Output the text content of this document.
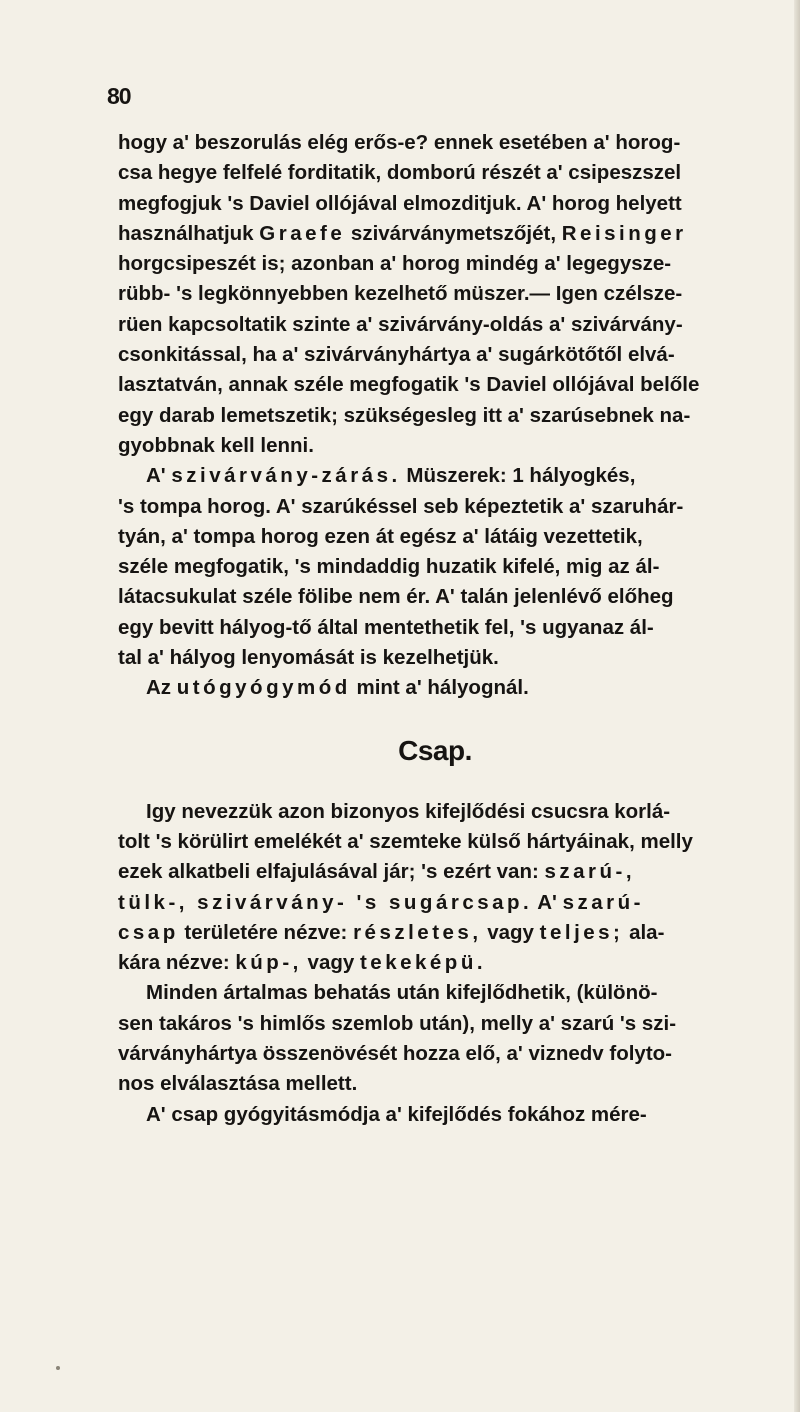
80
hogy a' beszorulás elég erős-e? ennek esetében a' horog-
csa hegye felfelé forditatik, domború részét a' csipeszszel
megfogjuk 's Daviel ollójával elmozditjuk. A' horog helyett
használhatjuk Graefe szivárványmetszőjét, Reisinger
horgcsipeszét is; azonban a' horog mindég a' legegysze-
rübb- 's legkönnyebben kezelhető müszer.— Igen czélsze-
rüen kapcsoltatik szinte a' szivárvány-oldás a' szivárvány-
csonkitással, ha a' szivárványhártya a' sugárkötőtől elvá-
lasztatván, annak széle megfogatik 's Daviel ollójával belőle
egy darab lemetszetik; szükségesleg itt a' szarúsebnek na-
gyobbnak kell lenni.
A' szivárvány-zárás. Müszerek: 1 hályogkés,
's tompa horog. A' szarúkéssel seb képeztetik a' szaruhár-
tyán, a' tompa horog ezen át egész a' látáig vezettetik,
széle megfogatik, 's mindaddig huzatik kifelé, mig az ál-
látacsukulat széle fölibe nem ér. A' talán jelenlévő előheg
egy bevitt hályog-tő által mentethetik fel, 's ugyanaz ál-
tal a' hályog lenyomását is kezelhetjük.
Az utógyógymód mint a' hályognál.
Csap.
Igy nevezzük azon bizonyos kifejlődési csucsra korlá-
tolt 's körülirt emelékét a' szemteke külső hártyáinak, melly
ezek alkatbeli elfajulásával jár; 's ezért van: szarú-,
tülk-, szivárvány- 's sugárcsap. A' szarú-
csap területére nézve: részletes, vagy teljes; ala-
kára nézve: kúp-, vagy tekeképü.
Minden ártalmas behatás után kifejlődhetik, (különö-
sen takáros 's himlős szemlob után), melly a' szarú 's szi-
várványhártya összenövését hozza elő, a' viznedv folyto-
nos elválasztása mellett.
A' csap gyógyitásmódja a' kifejlődés fokához mére-
